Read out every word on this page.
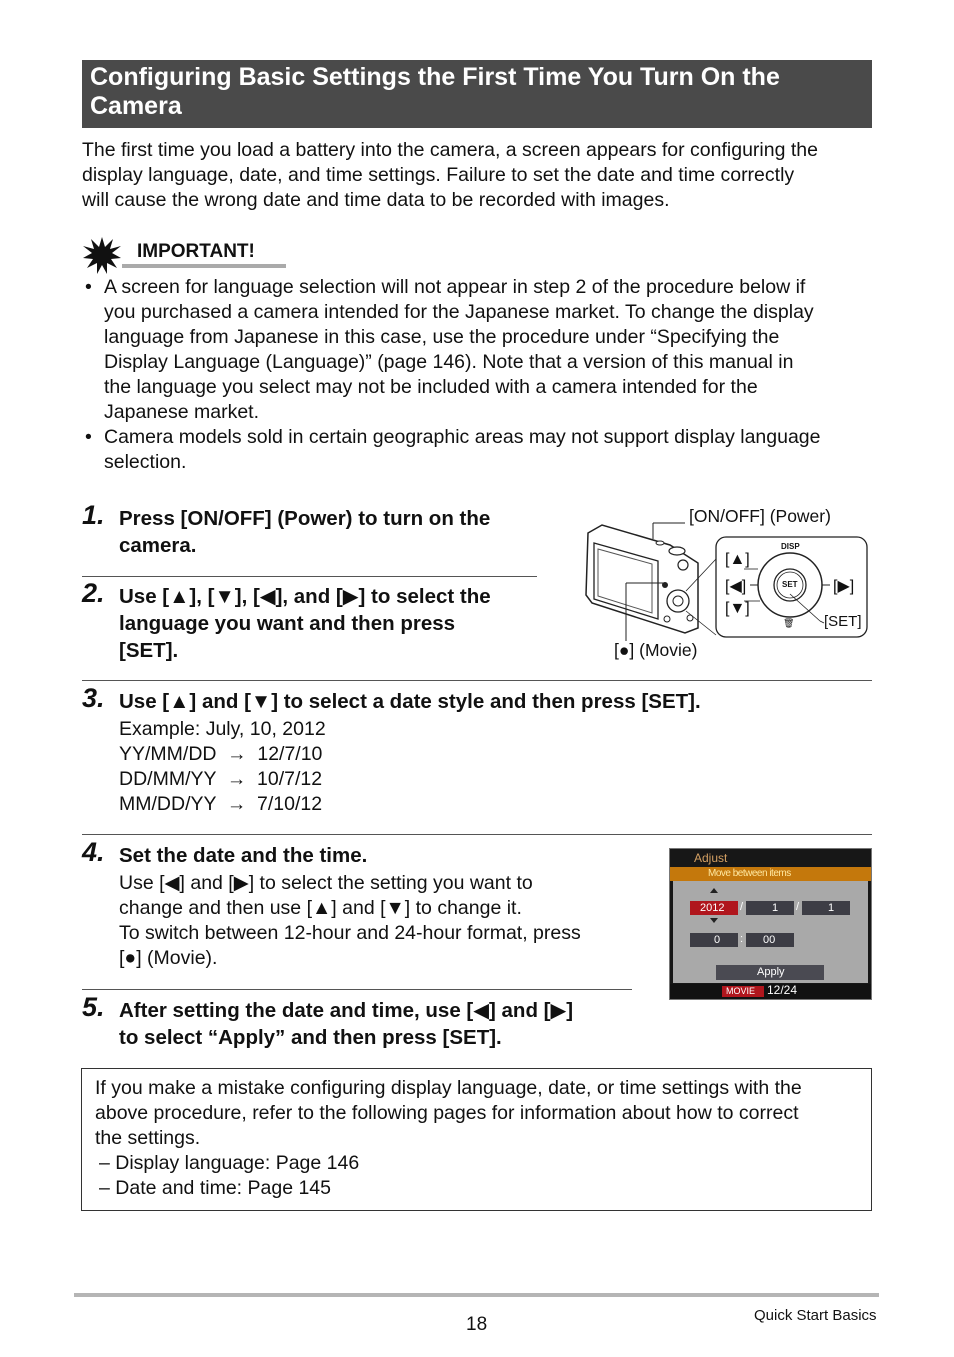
Configuring Basic Settings the First Time You Turn On the Camera
The first time you load a battery into the camera, a screen appears for configuring the
display language, date, and time settings. Failure to set the date and time correctly
will cause the wrong date and time data to be recorded with images.
IMPORTANT!
• A screen for language selection will not appear in step 2 of the procedure below if
you purchased a camera intended for the Japanese market. To change the display
language from Japanese in this case, use the procedure under “Specifying the
Display Language (Language)” (page 146). Note that a version of this manual in
the language you select may not be included with a camera intended for the
Japanese market.
• Camera models sold in certain geographic areas may not support display language
selection.
1. Press [ON/OFF] (Power) to turn on the
camera.
2. Use [▲], [▼], [◀], and [▶] to select the
language you want and then press
[SET].
[ON/OFF] (Power)
[▲]
[◀]
[▼]
[▶]
[SET]
DISP
SET
🗑
[●] (Movie)
3. Use [▲] and [▼] to select a date style and then press [SET].
Example: July, 10, 2012
YY/MM/DD → 12/7/10
DD/MM/YY → 10/7/12
MM/DD/YY → 7/10/12
4. Set the date and the time.
Use [◀] and [▶] to select the setting you want to
change and then use [▲] and [▼] to change it.
To switch between 12-hour and 24-hour format, press
[●] (Movie).
Adjust
Move between items
2012 /	1 /	1
0 : 00
Apply
MOVIE 12/24
5. After setting the date and time, use [◀] and [▶]
to select “Apply” and then press [SET].
If you make a mistake configuring display language, date, or time settings with the
above procedure, refer to the following pages for information about how to correct
the settings.
– Display language: Page 146
– Date and time: Page 145
18	Quick Start Basics
